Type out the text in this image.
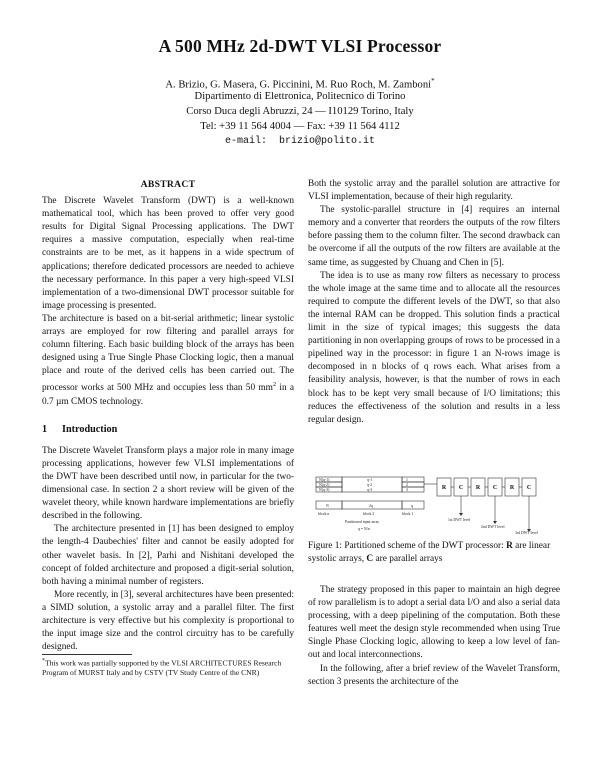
A 500 MHz 2d-DWT VLSI Processor
A. Brizio, G. Masera, G. Piccinini, M. Ruo Roch, M. Zamboni*
Dipartimento di Elettronica, Politecnico di Torino
Corso Duca degli Abruzzi, 24 — I10129 Torino, Italy
Tel: +39 11 564 4004 — Fax: +39 11 564 4112
e-mail: brizio@polito.it
ABSTRACT

The Discrete Wavelet Transform (DWT) is a well-known mathematical tool, which has been proved to offer very good results for Digital Signal Processing applications. The DWT requires a massive computation, especially when real-time constraints are to be met, as it happens in a wide spectrum of applications; therefore dedicated processors are needed to achieve the necessary performance. In this paper a very high-speed VLSI implementation of a two-dimensional DWT processor suitable for image processing is presented.

The architecture is based on a bit-serial arithmetic; linear systolic arrays are employed for row filtering and parallel arrays for column filtering. Each basic building block of the arrays has been designed using a True Single Phase Clocking logic, then a manual place and route of the derived cells has been carried out. The processor works at 500 MHz and occupies less than 50 $mm^2$ in a 0.7 µm CMOS technology.

1 Introduction

The Discrete Wavelet Transform plays a major role in many image processing applications, however few VLSI implementations of the DWT have been described until now, in particular for the two-dimensional case. In section 2 a short review will be given of the wavelet theory, while known hardware implementations are briefly described in the following.

The architecture presented in [1] has been designed to employ the length-4 Daubechies' filter and cannot be easily adopted for other wavelet basis. In [2], Parhi and Nishitani developed the concept of folded architecture and proposed a digit-serial solution, both having a minimal number of registers.

More recently, in [3], several architectures have been presented: a SIMD solution, a systolic array and a parallel filter. The first architecture is very effective but his complexity is proportional to the input image size and the control circuitry has to be carefully designed.

*This work was partially supported by the VLSI ARCHITECTURES Research Program of MURST Italy and by CSTV (TV Study Centre of the CNR)

Both the systolic array and the parallel solution are attractive for VLSI implementation, because of their high regularity.

The systolic-parallel structure in [4] requires an internal memory and a converter that reorders the outputs of the row filters before passing them to the column filter. The second drawback can be overcome if all the outputs of the row filters are available at the same time, as suggested by Chuang and Chen in [5].

The idea is to use as many row filters as necessary to process the whole image at the same time and to allocate all the resources required to compute the different levels of the DWT, so that also the internal RAM can be dropped. This solution finds a practical limit in the size of typical images; this suggests the data partitioning in non overlapping groups of rows to be processed in a pipelined way in the processor: in figure 1 an N-rows image is decomposed in n blocks of q rows each. What arises from a feasibility analysis, however, is that the number of rows in each block has to be kept very small because of I/O limitations; this reduces the effectiveness of the solution and results in a less regular design.

N(q-1)
N(q-2)
N(q-3)
q-1
q-2
q-3
1
2
3
N	2q	q
block n	block 2	block 1
Partitioned input array
q = N/n
1st DWT level
2nd DWT level
3rd DWT level
R C R C R C
Figure 1: Partitioned scheme of the DWT processor: R are linear systolic arrays, C are parallel arrays

The strategy proposed in this paper to maintain an high degree of row parallelism is to adopt a serial data I/O and also a serial data processing, with a deep pipelining of the computation. Both these features well meet the design style recommended when using True Single Phase Clocking logic, allowing to keep a low level of fan-out and local interconnections.

In the following, after a brief review of the Wavelet Transform, section 3 presents the architecture of the
